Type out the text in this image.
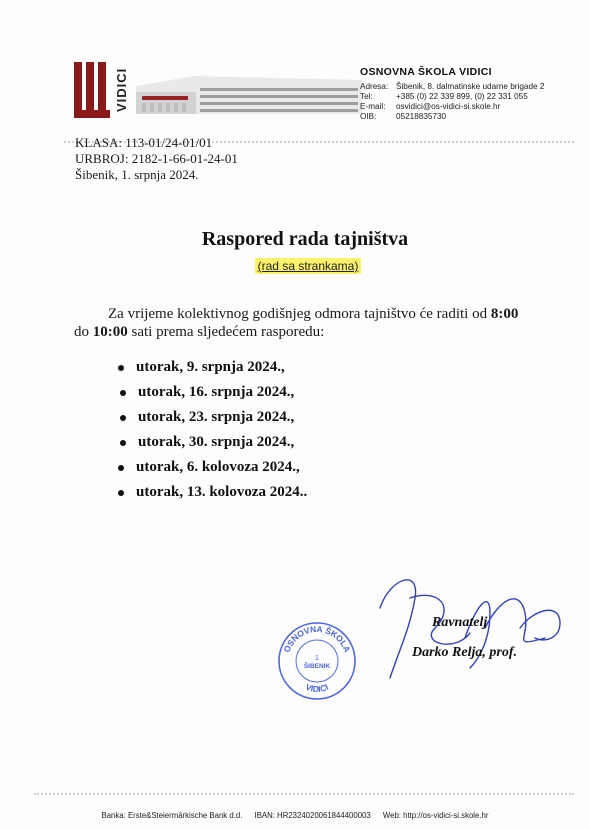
VIDICI	OSNOVNA ŠKOLA VIDICI
Adresa: Šibenik, 8. dalmatinske udarne brigade 2
Tel:	+385 (0) 22 339 899, (0) 22 331 055
E-mail:	osvidici@os-vidici-si.skole.hr
OIB:	05218835730
KLASA: 113-01/24-01/01
URBROJ: 2182-1-66-01-24-01
Šibenik, 1. srpnja 2024.
Raspored rada tajništva
(rad sa strankama)
Za vrijeme kolektivnog godišnjeg odmora tajništvo će raditi od 8:00
do 10:00 sati prema sljedećem rasporedu:
utorak, 9. srpnja 2024.,
utorak, 16. srpnja 2024.,
utorak, 23. srpnja 2024.,
utorak, 30. srpnja 2024.,
utorak, 6. kolovoza 2024.,
utorak, 13. kolovoza 2024..
OSNOVNA ŠKOLA
1
ŠIBENIK
VIDICI
Ravnatelj
Darko Relja, prof.
Banka: Erste&Steiermärkische Bank d.d. IBAN: HR2324020061844400003 Web: http://os-vidici-si.skole.hr
